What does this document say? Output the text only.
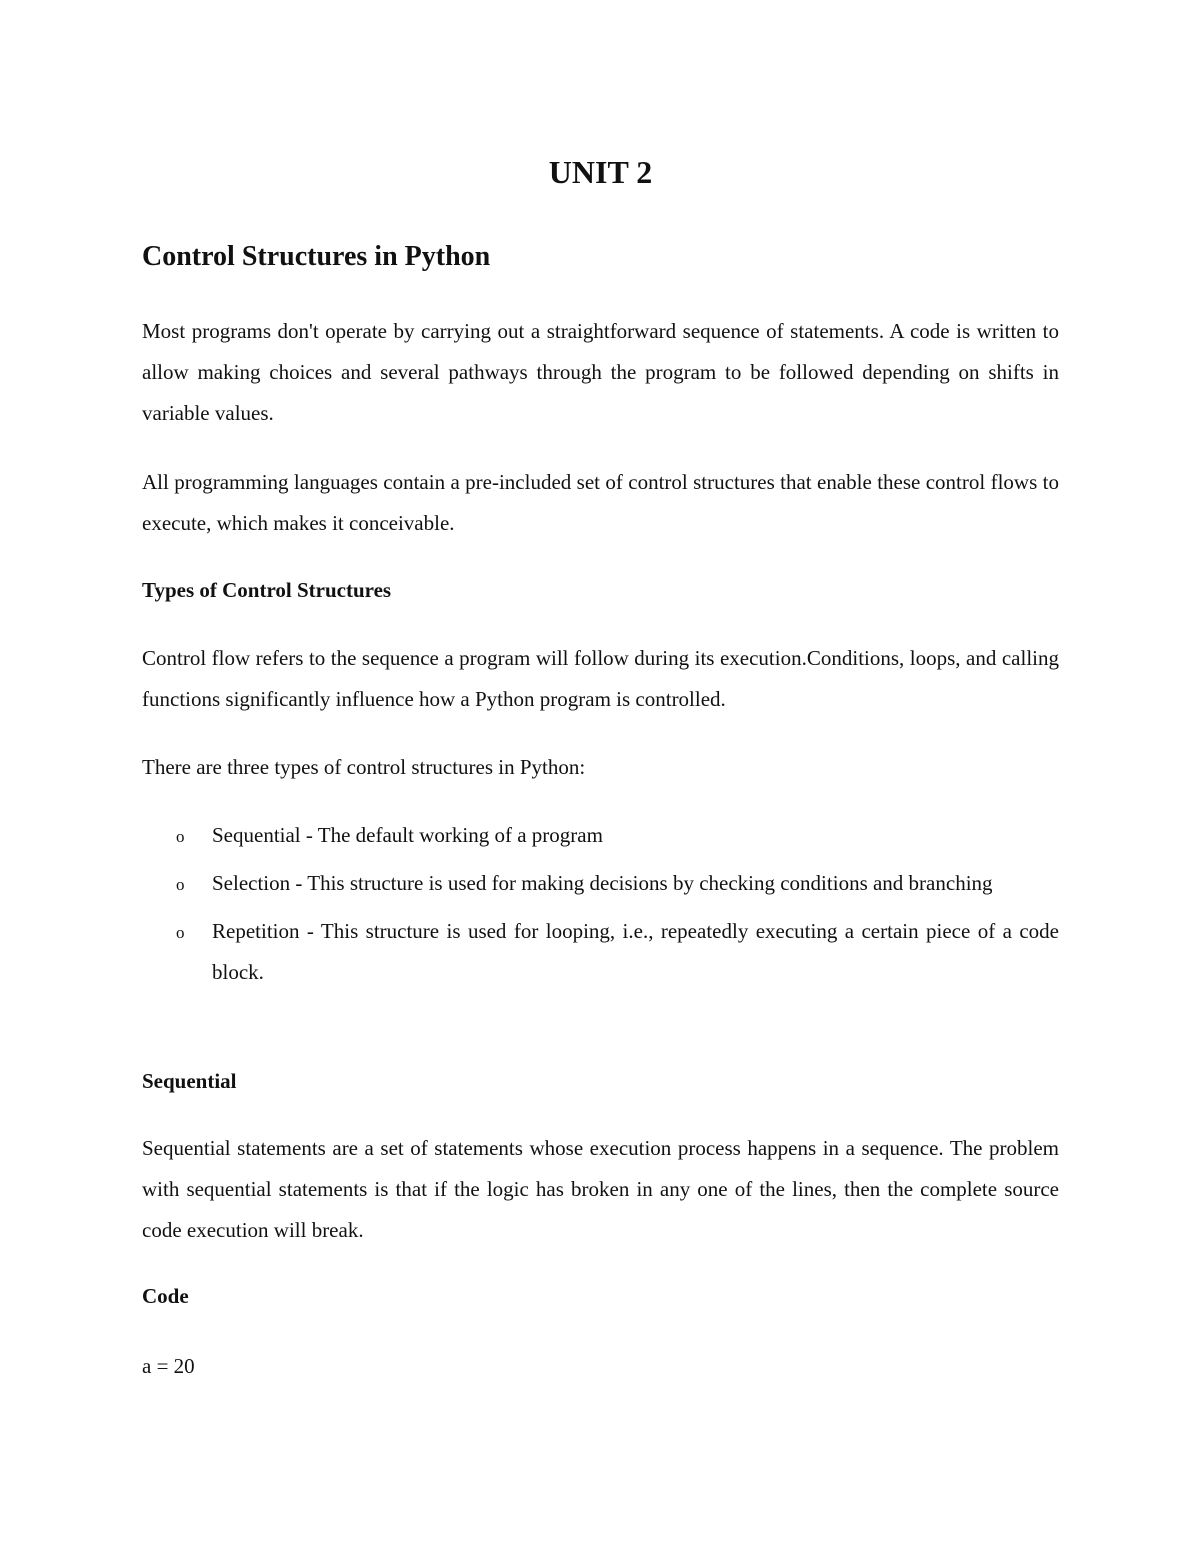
UNIT 2
Control Structures in Python

Most programs don't operate by carrying out a straightforward sequence of statements. A code is written to allow making choices and several pathways through the program to be followed depending on shifts in variable values.

All programming languages contain a pre-included set of control structures that enable these control flows to execute, which makes it conceivable.

Types of Control Structures

Control flow refers to the sequence a program will follow during its execution.Conditions, loops, and calling functions significantly influence how a Python program is controlled.

There are three types of control structures in Python:

o Sequential - The default working of a program
o Selection - This structure is used for making decisions by checking conditions and branching
o Repetition - This structure is used for looping, i.e., repeatedly executing a certain piece of a code block.
Sequential

Sequential statements are a set of statements whose execution process happens in a sequence. The problem with sequential statements is that if the logic has broken in any one of the lines, then the complete source code execution will break.

Code

a = 20
